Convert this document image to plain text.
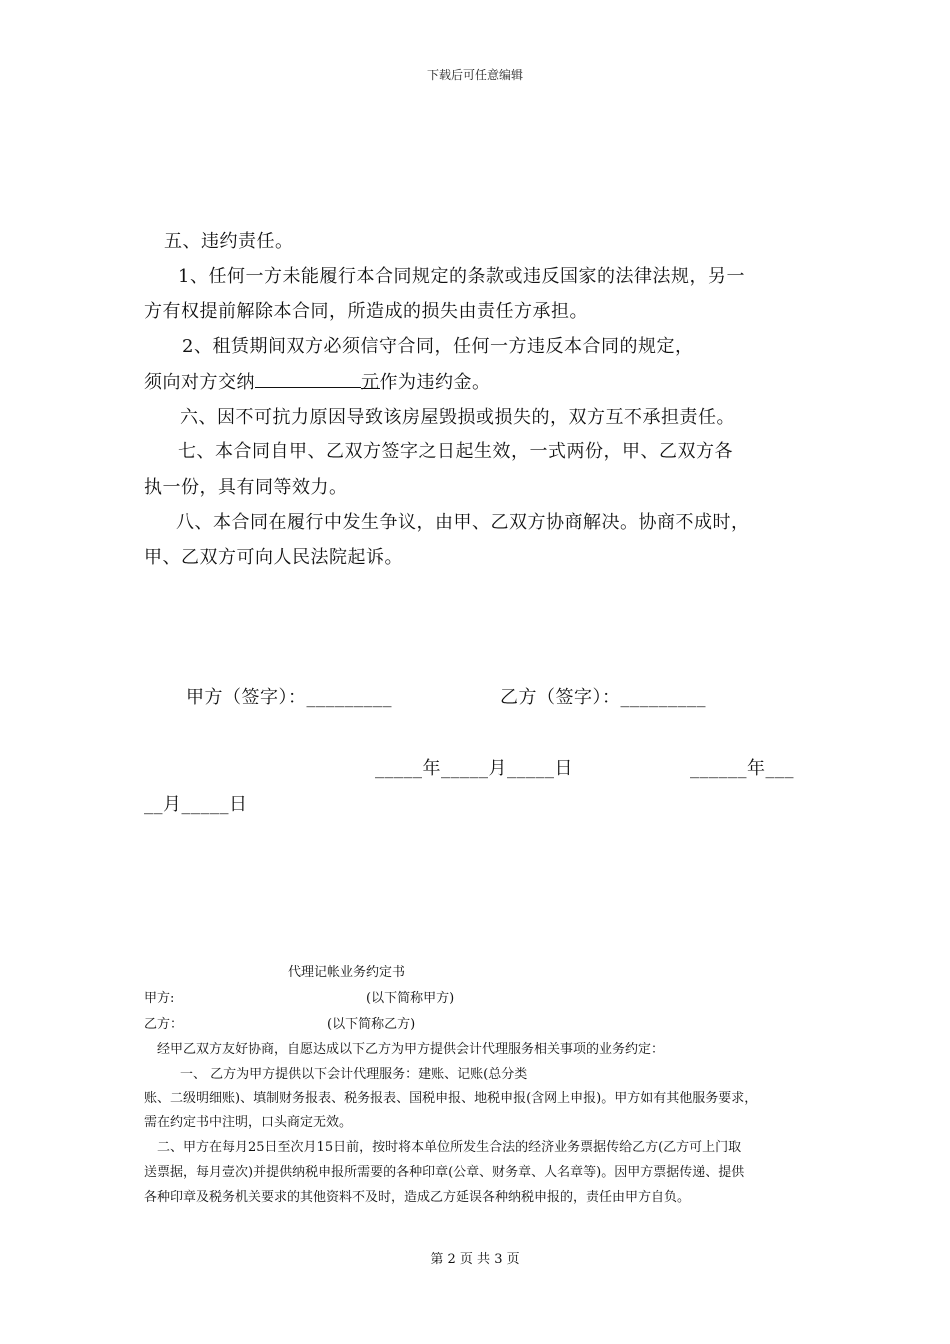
下载后可任意编辑
五、违约责任。
1、任何一方未能履行本合同规定的条款或违反国家的法律法规，另一
方有权提前解除本合同，所造成的损失由责任方承担。
2、租赁期间双方必须信守合同，任何一方违反本合同的规定，
须向对方交纳	元作为违约金。
六、因不可抗力原因导致该房屋毁损或损失的，双方互不承担责任。
七、本合同自甲、乙双方签字之日起生效，一式两份，甲、乙双方各
执一份，具有同等效力。
八、本合同在履行中发生争议，由甲、乙双方协商解决。协商不成时，
甲、乙双方可向人民法院起诉。
甲方（签字）：_________	乙方（签字）：_________
_____年_____月_____日	______年___
__月_____日
代理记帐业务约定书
甲方:	(以下简称甲方)
乙方：	(以下简称乙方)
经甲乙双方友好协商，自愿达成以下乙方为甲方提供会计代理服务相关事项的业务约定：
一、 乙方为甲方提供以下会计代理服务：建账、记账(总分类
账、二级明细账)、填制财务报表、税务报表、国税申报、地税申报(含网上申报)。甲方如有其他服务要求，
需在约定书中注明，口头商定无效。
二、甲方在每月25日至次月15日前，按时将本单位所发生合法的经济业务票据传给乙方(乙方可上门取
送票据，每月壹次)并提供纳税申报所需要的各种印章(公章、财务章、人名章等)。因甲方票据传递、提供
各种印章及税务机关要求的其他资料不及时，造成乙方延误各种纳税申报的，责任由甲方自负。
第 2 页 共 3 页
